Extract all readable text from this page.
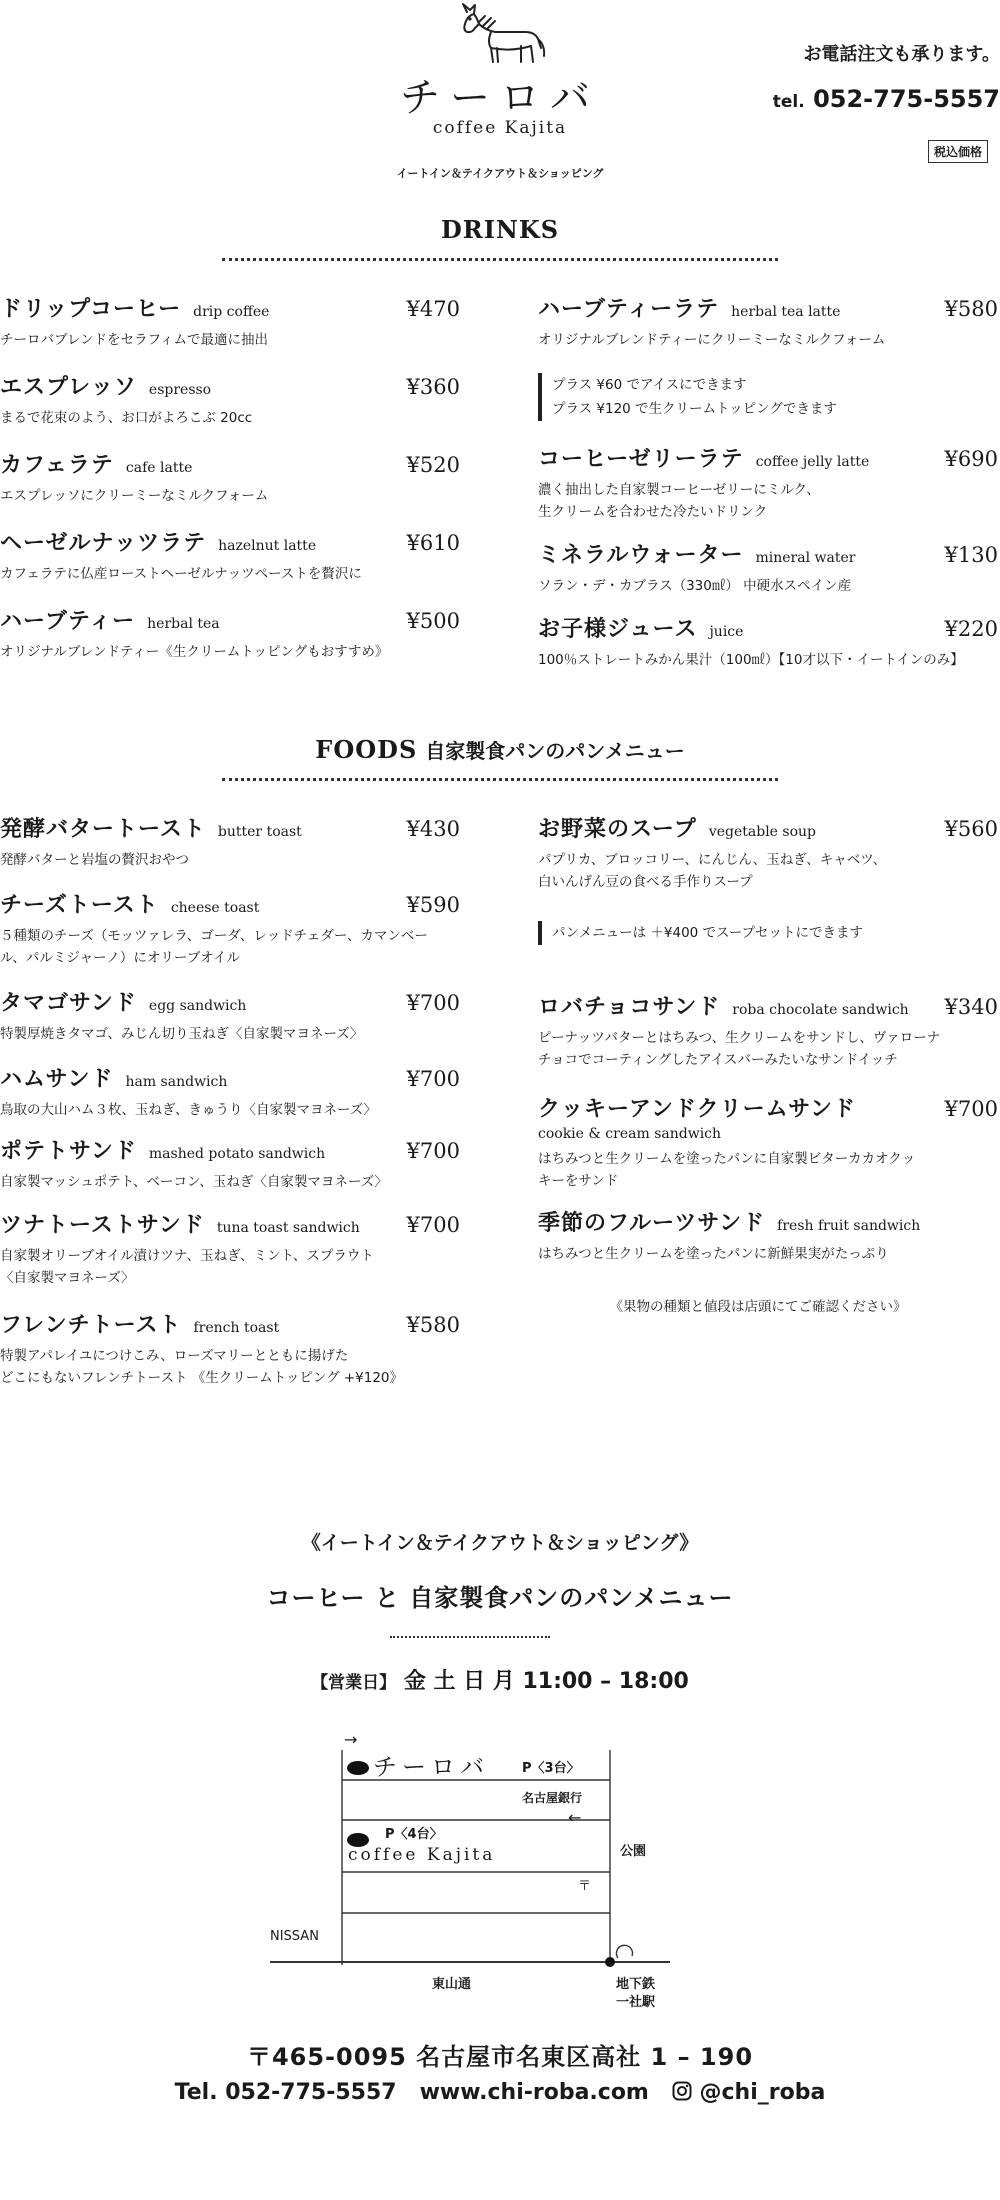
チーロバ
coffee Kajita
イートイン＆テイクアウト＆ショッピング
お電話注文も承ります。
tel. 052-775-5557
税込価格
DRINKS
ドリップコーヒー drip coffee	¥470
チーロバブレンドをセラフィムで最適に抽出
エスプレッソ espresso	¥360
まるで花束のよう、お口がよろこぶ 20cc
カフェラテ cafe latte	¥520
エスプレッソにクリーミーなミルクフォーム
ヘーゼルナッツラテ hazelnut latte	¥610
カフェラテに仏産ローストヘーゼルナッツペーストを贅沢に
ハーブティー herbal tea	¥500
オリジナルブレンドティー《生クリームトッピングもおすすめ》
ハーブティーラテ herbal tea latte	¥580
オリジナルブレンドティーにクリーミーなミルクフォーム
コーヒーゼリーラテ coffee jelly latte	¥690
濃く抽出した自家製コーヒーゼリーにミルク、
生クリームを合わせた冷たいドリンク
ミネラルウォーター mineral water	¥130
ソラン・デ・カブラス（330㎖） 中硬水スペイン産
お子様ジュース juice	¥220
100％ストレートみかん果汁（100㎖）【10才以下・イートインのみ】
プラス ¥60 でアイスにできます
プラス ¥120 で生クリームトッピングできます
FOODS 自家製食パンのパンメニュー
発酵バタートースト butter toast	¥430
発酵バターと岩塩の贅沢おやつ
チーズトースト cheese toast	¥590
５種類のチーズ（モッツァレラ、ゴーダ、レッドチェダー、カマンベー
ル、パルミジャーノ）にオリーブオイル
タマゴサンド egg sandwich	¥700
特製厚焼きタマゴ、みじん切り玉ねぎ〈自家製マヨネーズ〉
ハムサンド ham sandwich	¥700
鳥取の大山ハム３枚、玉ねぎ、きゅうり〈自家製マヨネーズ〉
ポテトサンド mashed potato sandwich	¥700
自家製マッシュポテト、ベーコン、玉ねぎ〈自家製マヨネーズ〉
ツナトーストサンド tuna toast sandwich ¥700
自家製オリーブオイル漬けツナ、玉ねぎ、ミント、スプラウト
〈自家製マヨネーズ〉
フレンチトースト french toast	¥580
特製アパレイユにつけこみ、ローズマリーとともに揚げた
どこにもないフレンチトースト 《生クリームトッピング +¥120》
お野菜のスープ vegetable soup	¥560
パプリカ、ブロッコリー、にんじん、玉ねぎ、キャベツ、
白いんげん豆の食べる手作りスープ
ロバチョコサンド roba chocolate sandwich ¥340
ピーナッツバターとはちみつ、生クリームをサンドし、ヴァローナ
チョコでコーティングしたアイスバーみたいなサンドイッチ
クッキーアンドクリームサンド	¥700
cookie & cream sandwich
はちみつと生クリームを塗ったパンに自家製ビターカカオクッ
キーをサンド
季節のフルーツサンド fresh fruit sandwich
はちみつと生クリームを塗ったパンに新鮮果実がたっぷり
パンメニューは ＋¥400 でスープセットにできます
《果物の種類と値段は店頭にてご確認ください》
《イートイン＆テイクアウト＆ショッピング》
コーヒー と 自家製食パンのパンメニュー
【営業日】 金 土 日 月 11:00 – 18:00
→
チーロバ	P〈3台〉
名古屋銀行
←
P〈4台〉
coffee Kajita	公園
〒
NISSAN
東山通	地下鉄
一社駅
〒465-0095 名古屋市名東区高社 1 – 190
Tel. 052-775-5557 www.chi-roba.com @chi_roba
